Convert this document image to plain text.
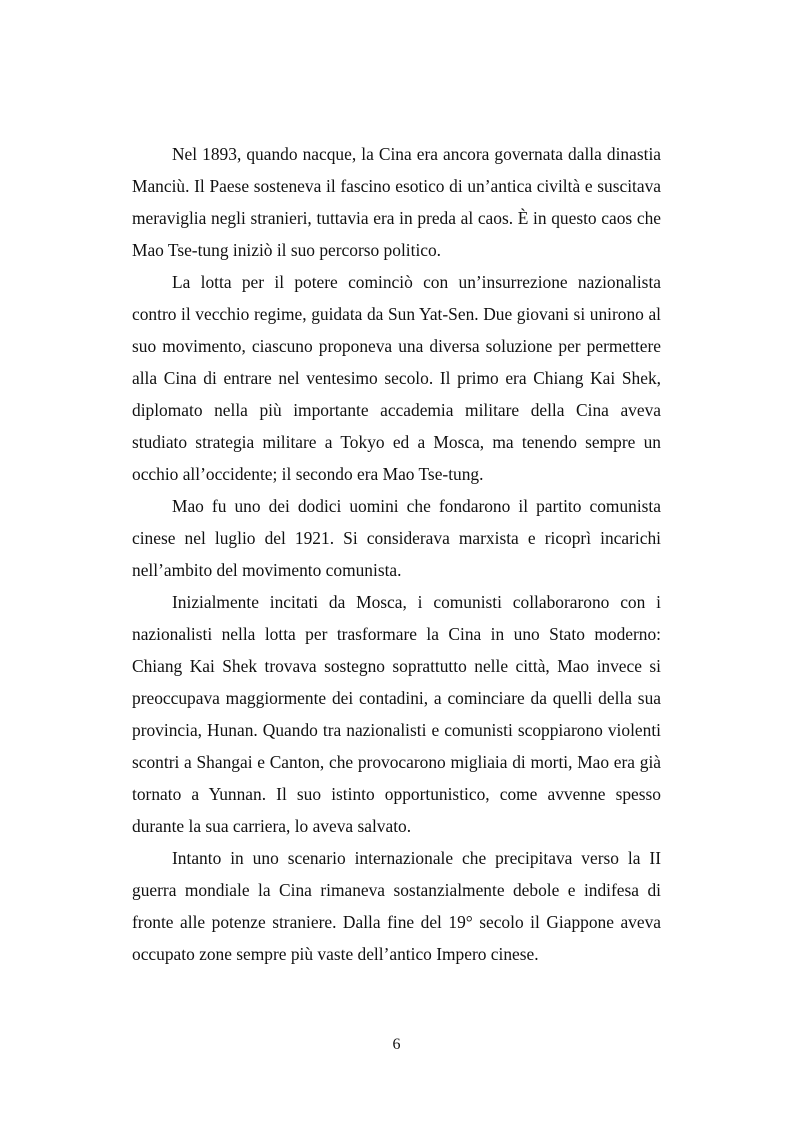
Nel 1893, quando nacque, la Cina era ancora governata dalla dinastia Manciù. Il Paese sosteneva il fascino esotico di un’antica civiltà e suscitava meraviglia negli stranieri, tuttavia era in preda al caos. È in questo caos che Mao Tse-tung iniziò il suo percorso politico.

La lotta per il potere cominciò con un’insurrezione nazionalista contro il vecchio regime, guidata da Sun Yat-Sen. Due giovani si unirono al suo movimento, ciascuno proponeva una diversa soluzione per permettere alla Cina di entrare nel ventesimo secolo. Il primo era Chiang Kai Shek, diplomato nella più importante accademia militare della Cina aveva studiato strategia militare a Tokyo ed a Mosca, ma tenendo sempre un occhio all’occidente; il secondo era Mao Tse-tung.

Mao fu uno dei dodici uomini che fondarono il partito comunista cinese nel luglio del 1921. Si considerava marxista e ricoprì incarichi nell’ambito del movimento comunista.

Inizialmente incitati da Mosca, i comunisti collaborarono con i nazionalisti nella lotta per trasformare la Cina in uno Stato moderno: Chiang Kai Shek trovava sostegno soprattutto nelle città, Mao invece si preoccupava maggiormente dei contadini, a cominciare da quelli della sua provincia, Hunan. Quando tra nazionalisti e comunisti scoppiarono violenti scontri a Shangai e Canton, che provocarono migliaia di morti, Mao era già tornato a Yunnan. Il suo istinto opportunistico, come avvenne spesso durante la sua carriera, lo aveva salvato.

Intanto in uno scenario internazionale che precipitava verso la II guerra mondiale la Cina rimaneva sostanzialmente debole e indifesa di fronte alle potenze straniere. Dalla fine del 19° secolo il Giappone aveva occupato zone sempre più vaste dell’antico Impero cinese.

6
